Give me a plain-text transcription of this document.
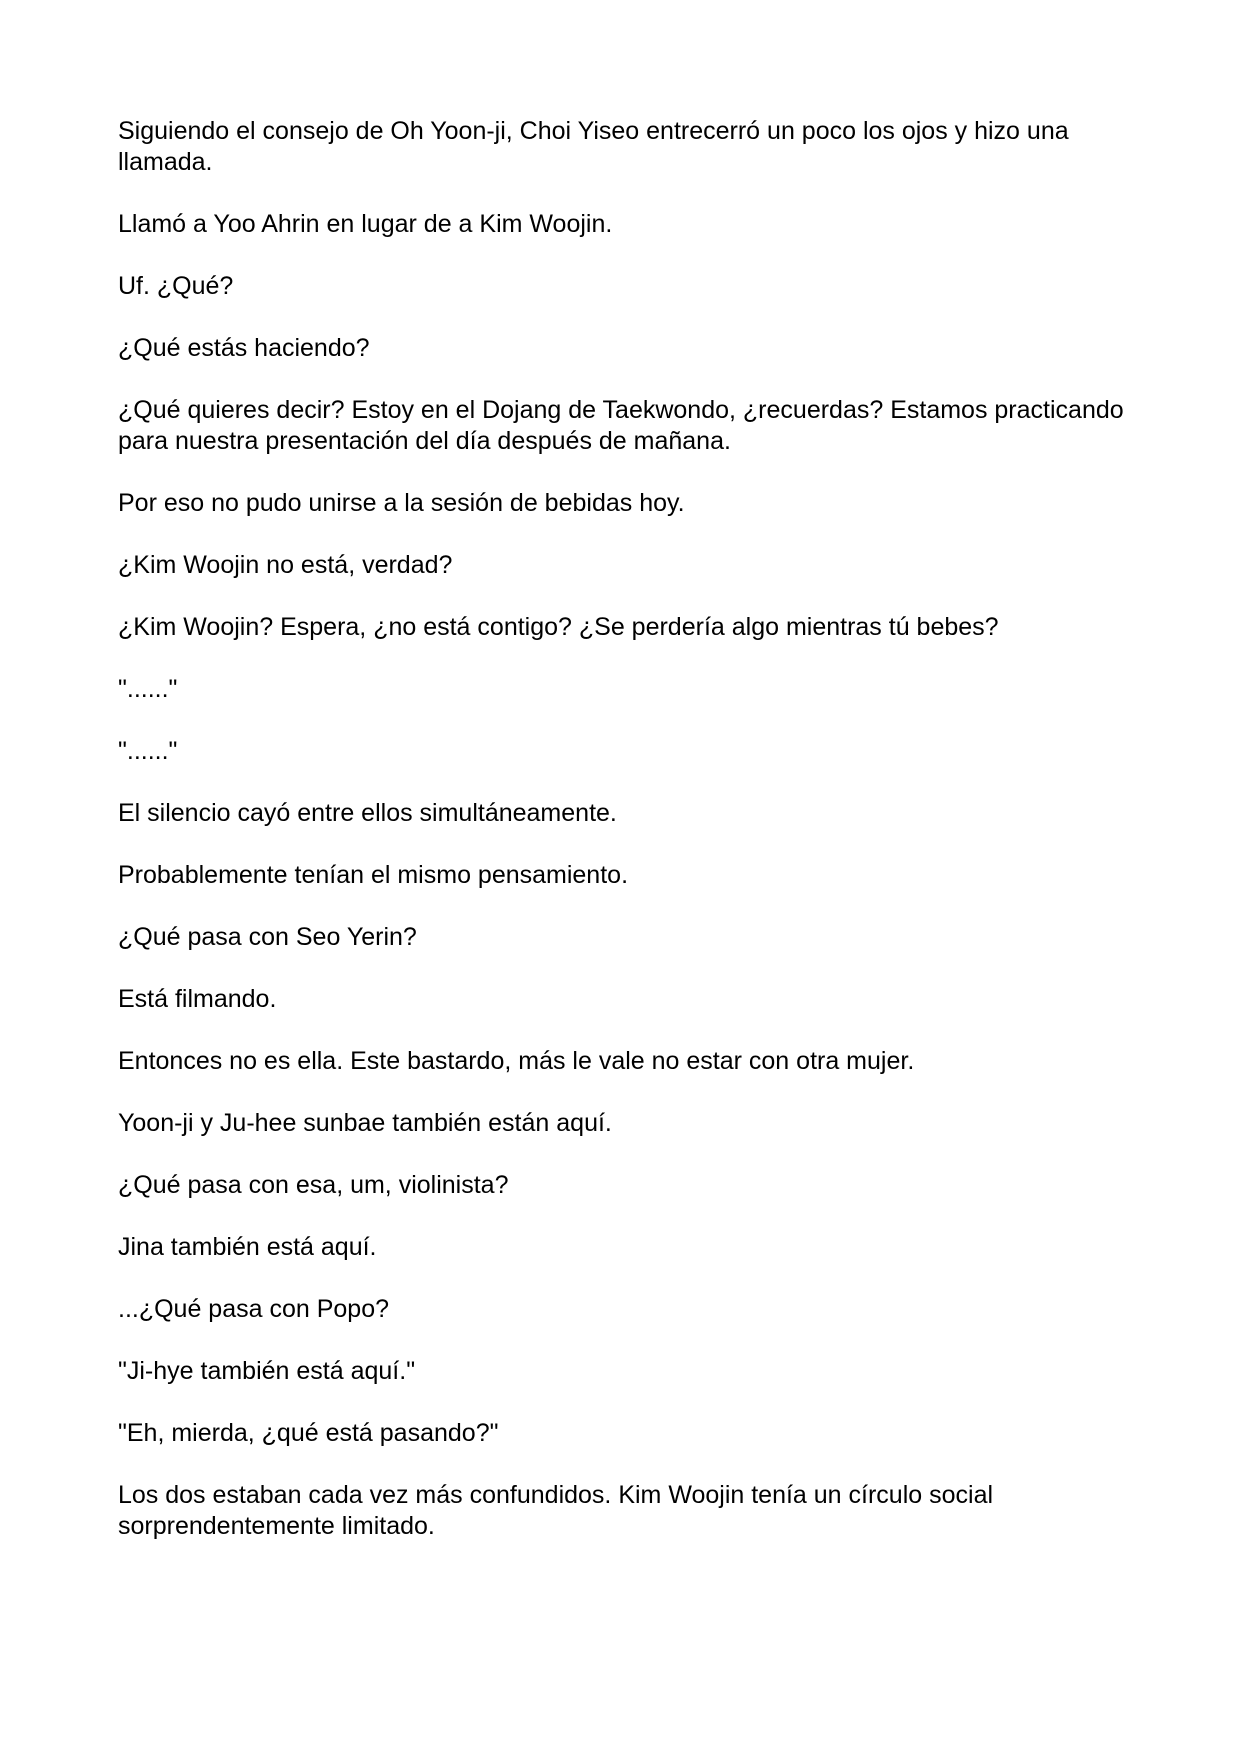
Siguiendo el consejo de Oh Yoon-ji, Choi Yiseo entrecerró un poco los ojos y hizo una llamada.

Llamó a Yoo Ahrin en lugar de a Kim Woojin.

Uf. ¿Qué?

¿Qué estás haciendo?

¿Qué quieres decir? Estoy en el Dojang de Taekwondo, ¿recuerdas? Estamos practicando para nuestra presentación del día después de mañana.

Por eso no pudo unirse a la sesión de bebidas hoy.

¿Kim Woojin no está, verdad?

¿Kim Woojin? Espera, ¿no está contigo? ¿Se perdería algo mientras tú bebes?

"......"

"......"

El silencio cayó entre ellos simultáneamente.

Probablemente tenían el mismo pensamiento.

¿Qué pasa con Seo Yerin?

Está filmando.

Entonces no es ella. Este bastardo, más le vale no estar con otra mujer.

Yoon-ji y Ju-hee sunbae también están aquí.

¿Qué pasa con esa, um, violinista?

Jina también está aquí.

...¿Qué pasa con Popo?

"Ji-hye también está aquí."

"Eh, mierda, ¿qué está pasando?"

Los dos estaban cada vez más confundidos. Kim Woojin tenía un círculo social sorprendentemente limitado.
